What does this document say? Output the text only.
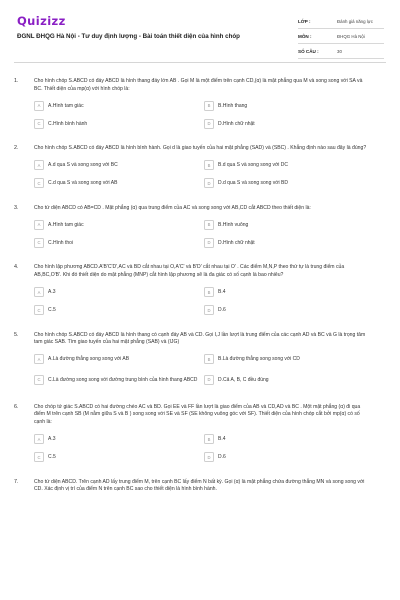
Quizizz
ĐGNL ĐHQG Hà Nội - Tư duy định lượng - Bài toán thiết diện của hình chóp
LỚP :	Đánh giá năng lực
MÔN :	ĐHQG Hà Nội
SỐ CÂU :	30
1.	Cho hình chóp S.ABCD có đáy ABCD là hình thang đáy lớn AB . Gọi M là một điểm trên cạnh CD,(α) là mặt phẳng qua M và song song với SA và BC. Thiết diện của mp(α) với hình chóp là:
A	A.Hình tam giác	B	B.Hình thang
C	C.Hình bình hành	D	D.Hình chữ nhật
2.	Cho hình chóp S.ABCD có đáy ABCD là hình bình hành. Gọi d là giao tuyến của hai mặt phẳng (SAD) và (SBC) . Khẳng định nào sau đây là đúng?
A	A.d qua S và song song với BC	B	B.d qua S và song song với DC
C	C.d qua S và song song với AB	D	D.d qua S và song song với BD
3.	Cho tứ diện ABCD có AB=CD . Mặt phẳng (α) qua trung điểm của AC và song song với AB,CD cắt ABCD theo thiết diện là:
A	A.Hình tam giác	B	B.Hình vuông
C	C.Hình thoi	D	D.Hình chữ nhật
4.	Cho hình lập phương ABCD.A'B'C'D',AC và BD cắt nhau tại O,A'C' và B'D' cắt nhau tại O' . Các điểm M,N,P theo thứ tự là trung điểm của AB,BC,O'B'. Khi đó thiết diện do mặt phẳng (MNP) cắt hình lập phương sẽ là đa giác có số cạnh là bao nhiêu?
A	A.3	B	B.4
C	C.5	D	D.6
5.	Cho hình chóp S.ABCD có đáy ABCD là hình thang có cạnh đáy AB và CD. Gọi I,J lần lượt là trung điểm của các cạnh AD và BC và G là trọng tâm tam giác SAB. Tìm giao tuyến của hai mặt phẳng (SAB) và (IJG)
A	A.Là đường thẳng song song với AB	B	B.Là đường thẳng song song với CD
C	C.Là đường song song với đường trung bình của hình thang ABCD	D	D.Cả A, B, C đều đúng
6.	Cho chóp tứ giác S.ABCD có hai đường chéo AC và BD. Gọi EE và FF lần lượt là giao điểm của AB và CD,AD và BC . Một mặt phẳng (α) đi qua điểm M trên cạnh SB (M nằm giữa S và B ) song song với SE và SF (SE không vuông góc với SF). Thiết diện của hình chóp cắt bởi mp(α) có số cạnh là:
A	A.3	B	B.4
C	C.5	D	D.6
7.	Cho tứ diện ABCD. Trên cạnh AD lấy trung điểm M, trên cạnh BC lấy điểm N bất kỳ. Gọi (α) là mặt phẳng chứa đường thẳng MN và song song với CD. Xác định vị trí của điểm N trên cạnh BC sao cho thiết diện là hình bình hành.
